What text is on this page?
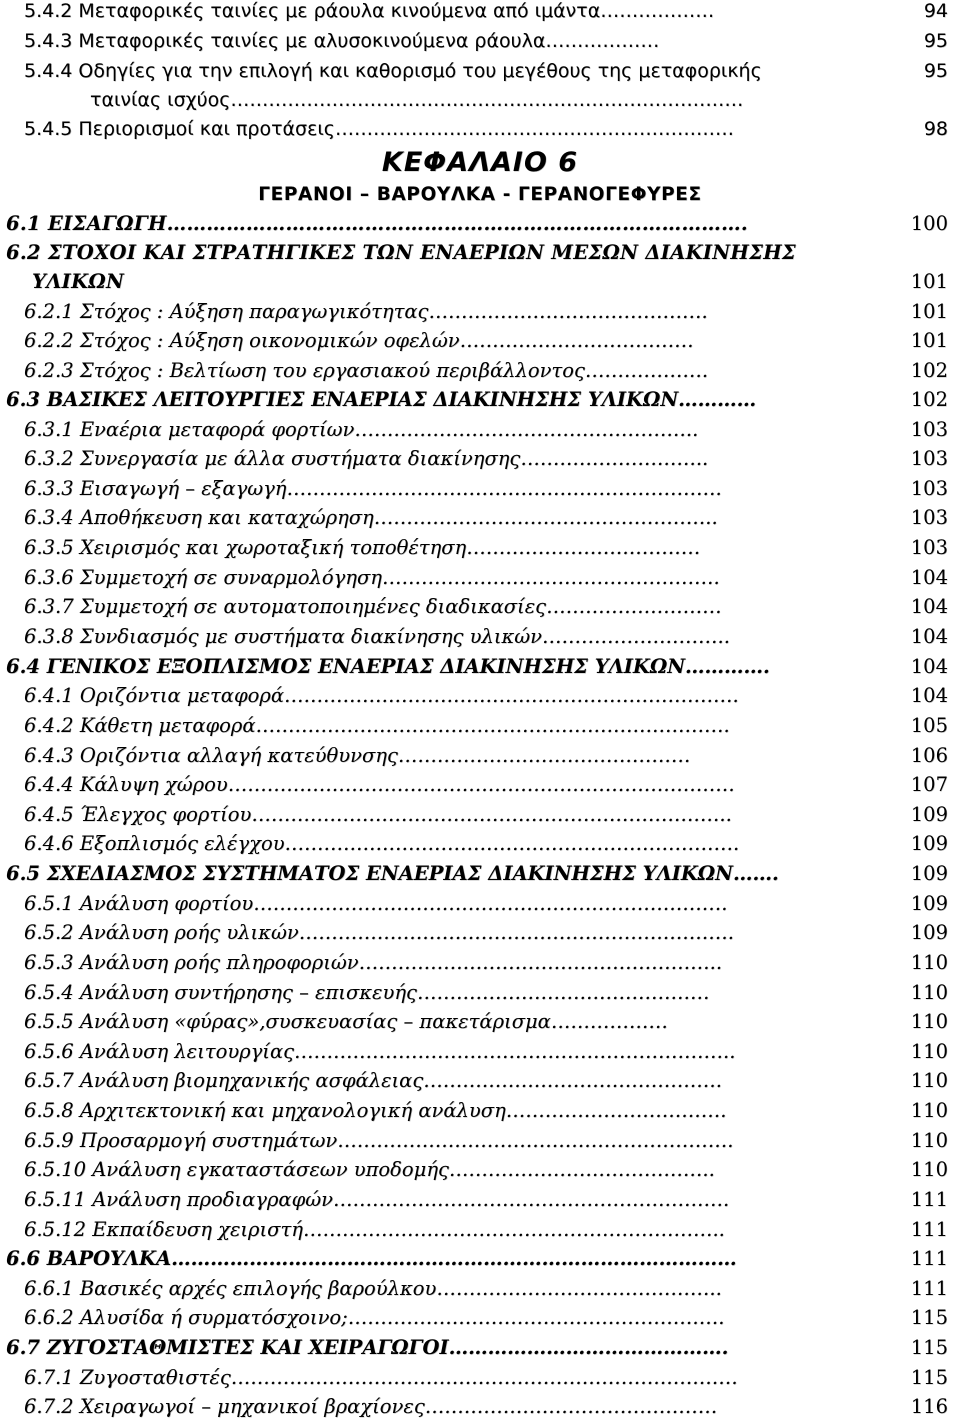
5.4.2 Μεταφορικές ταινίες με ράουλα κινούμενα από ιμάντα………………	94
5.4.3 Μεταφορικές ταινίες με αλυσοκινούμενα ράουλα………………	95
5.4.4 Οδηγίες για την επιλογή και καθορισμό του μεγέθους της μεταφορικής	95
ταινίας ισχύος………………………………………………………………………
5.4.5 Περιορισμοί και προτάσεις………………………………………………………	98
ΚΕΦΑΛΑΙΟ 6
ΓΕΡΑΝΟΙ – ΒΑΡΟΥΛΚΑ - ΓΕΡΑΝΟΓΕΦΥΡΕΣ
6.1 ΕΙΣΑΓΩΓΗ…………………………………………………………………………….	100
6.2 ΣΤΟΧΟΙ ΚΑΙ ΣΤΡΑΤΗΓΙΚΕΣ ΤΩΝ ΕΝΑΕΡΙΩΝ ΜΕΣΩΝ ΔΙΑΚΙΝΗΣΗΣ
ΥΛΙΚΩΝ	101
6.2.1 Στόχος : Αύξηση παραγωγικότητας…………………………………….	101
6.2.2 Στόχος : Αύξηση οικονομικών οφελών………………………………	101
6.2.3 Στόχος : Βελτίωση του εργασιακού περιβάλλοντος……………….	102
6.3 ΒΑΣΙΚΕΣ ΛΕΙΤΟΥΡΓΙΕΣ ΕΝΑΕΡΙΑΣ ΔΙΑΚΙΝΗΣΗΣ ΥΛΙΚΩΝ…………	102
6.3.1 Εναέρια μεταφορά φορτίων……………………………………………..	103
6.3.2 Συνεργασία με άλλα συστήματα διακίνησης………………………..	103
6.3.3 Εισαγωγή – εξαγωγή………………………………………………………….	103
6.3.4 Αποθήκευση και καταχώρηση……………………………………………..	103
6.3.5 Χειρισμός και χωροταξική τοποθέτηση………………………………	103
6.3.6 Συμμετοχή σε συναρμολόγηση…………………………………………….	104
6.3.7 Συμμετοχή σε αυτοματοποιημένες διαδικασίες………………………	104
6.3.8 Συνδιασμός με συστήματα διακίνησης υλικών………………………..	104
6.4 ΓΕΝΙΚΟΣ ΕΞΟΠΛΙΣΜΟΣ ΕΝΑΕΡΙΑΣ ΔΙΑΚΙΝΗΣΗΣ ΥΛΙΚΩΝ………….	104
6.4.1 Οριζόντια μεταφορά…………………………………………………………….	104
6.4.2 Κάθετη μεταφορά……………………………………………………………….	105
6.4.3 Οριζόντια αλλαγή κατεύθυνσης………………………………………	106
6.4.4 Κάλυψη χώρου……………………………………………………………………	107
6.4.5 Έλεγχος φορτίου………………………………………………………………..	109
6.4.6 Εξοπλισμός ελέγχου…………………………………………………………….	109
6.5 ΣΧΕΔΙΑΣΜΟΣ ΣΥΣΤΗΜΑΤΟΣ ΕΝΑΕΡΙΑΣ ΔΙΑΚΙΝΗΣΗΣ ΥΛΙΚΩΝ…….	109
6.5.1 Ανάλυση φορτίου……………………………………………………………….	109
6.5.2 Ανάλυση ροής υλικών………………………………………………………….	109
6.5.3 Ανάλυση ροής πληροφοριών………………………………………………..	110
6.5.4 Ανάλυση συντήρησης – επισκευής………………………………………	110
6.5.5 Ανάλυση «φύρας»,συσκευασίας – πακετάρισμα………………	110
6.5.6 Ανάλυση λειτουργίας…………………………………………………………..	110
6.5.7 Ανάλυση βιομηχανικής ασφάλειας……………………………………….	110
6.5.8 Αρχιτεκτονική και μηχανολογική ανάλυση…………………………….	110
6.5.9 Προσαρμογή συστημάτων…………………………………………………….	110
6.5.10 Ανάλυση εγκαταστάσεων υποδομής…………………………………..	110
6.5.11 Ανάλυση προδιαγραφών…………………………………………………….	111
6.5.12 Εκπαίδευση χειριστή………………………………………………………..	111
6.6 ΒΑΡΟΥΛΚΑ……………………………………………………………………………	111
6.6.1 Βασικές αρχές επιλογής βαρούλκου……………………………………..	111
6.6.2 Αλυσίδα ή συρματόσχοινο;………………………………………………….	115
6.7 ΖΥΓΟΣΤΑΘΜΙΣΤΕΣ ΚΑΙ ΧΕΙΡΑΓΩΓΟΙ…………………………………….	115
6.7.1 Ζυγοσταθιστές……………………………………………………………………	115
6.7.2 Χειραγωγοί – μηχανικοί βραχίονες………………………………………	116
